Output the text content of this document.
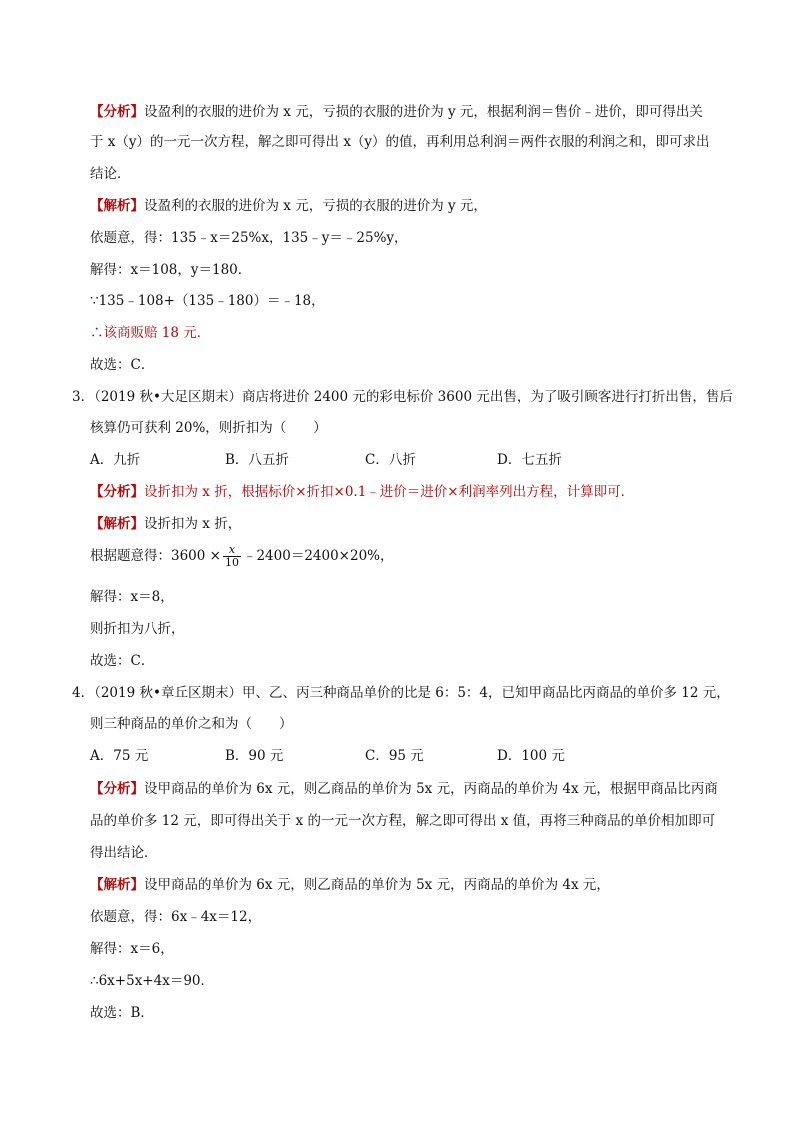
【分析】设盈利的衣服的进价为 x 元，亏损的衣服的进价为 y 元，根据利润＝售价﹣进价，即可得出关
于 x（y）的一元一次方程，解之即可得出 x（y）的值，再利用总利润＝两件衣服的利润之和，即可求出
结论．
【解析】设盈利的衣服的进价为 x 元，亏损的衣服的进价为 y 元，
依题意，得：135﹣x＝25%x，135﹣y＝﹣25%y，
解得：x＝108，y＝180．
∵135﹣108+（135﹣180）＝﹣18，
∴该商贩赔 18 元．
故选：C．
3．（2019 秋•大足区期末）商店将进价 2400 元的彩电标价 3600 元出售，为了吸引顾客进行打折出售，售后
核算仍可获利 20%，则折扣为（　　）
A．九折	B．八五折	C．八折	D．七五折
【分析】设折扣为 x 折，根据标价×折扣×0.1﹣进价＝进价×利润率列出方程，计算即可．
【解析】设折扣为 x 折，
根据题意得：$3600 \times \frac{x}{10}$ ﹣2400＝2400×20%，
解得：x＝8，
则折扣为八折，
故选：C．
4．（2019 秋•章丘区期末）甲、乙、丙三种商品单价的比是 6：5：4，已知甲商品比丙商品的单价多 12 元，
则三种商品的单价之和为（　　）
A．75 元	B．90 元	C．95 元	D．100 元
【分析】设甲商品的单价为 6x 元，则乙商品的单价为 5x 元，丙商品的单价为 4x 元，根据甲商品比丙商
品的单价多 12 元，即可得出关于 x 的一元一次方程，解之即可得出 x 值，再将三种商品的单价相加即可
得出结论．
【解析】设甲商品的单价为 6x 元，则乙商品的单价为 5x 元，丙商品的单价为 4x 元，
依题意，得：6x﹣4x＝12，
解得：x＝6，
∴6x+5x+4x＝90．
故选：B．
